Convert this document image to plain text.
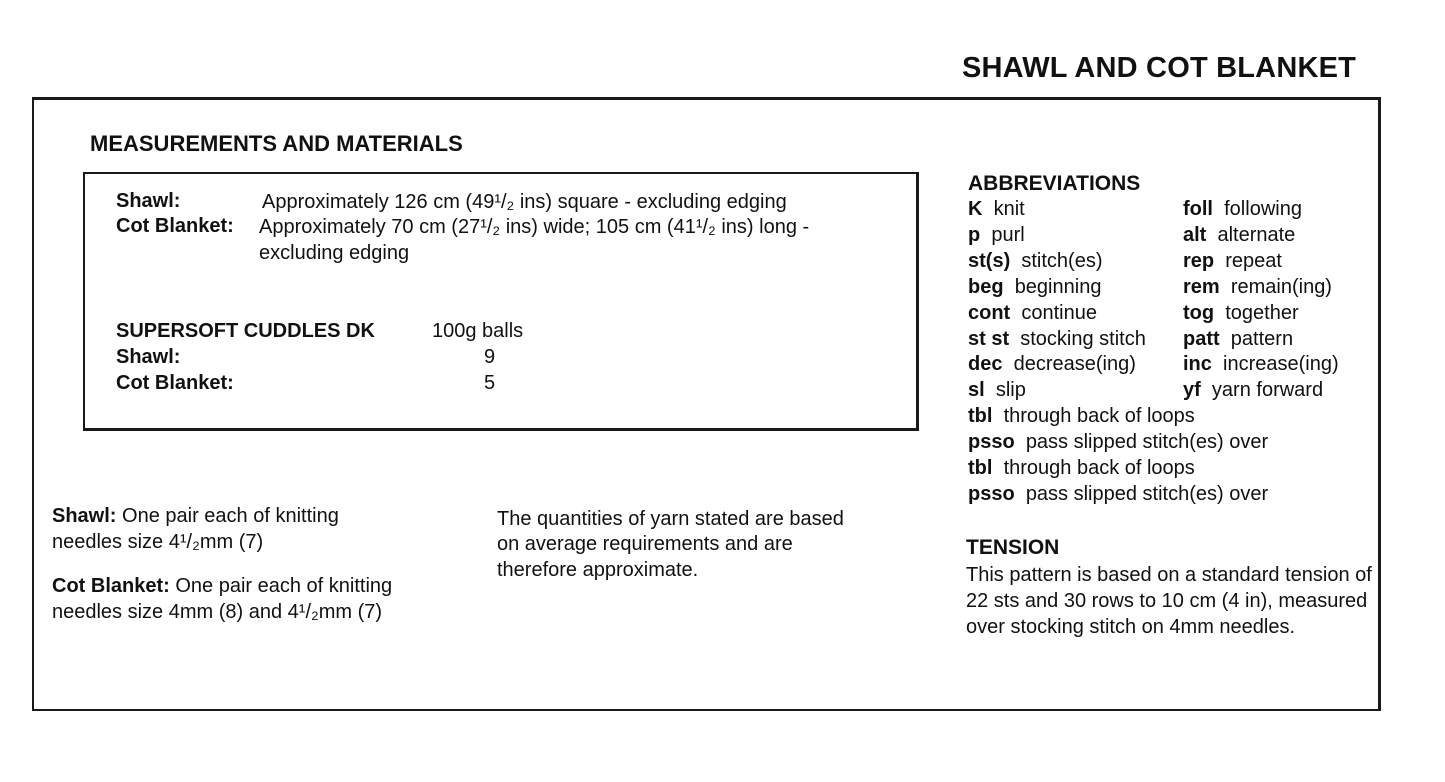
SHAWL AND COT BLANKET
MEASUREMENTS AND MATERIALS
Shawl:	Approximately 126 cm (49¹/₂ ins) square - excluding edging
Cot Blanket: Approximately 70 cm (27¹/₂ ins) wide; 105 cm (41¹/₂ ins) long -
excluding edging
SUPERSOFT CUDDLES DK	100g balls
Shawl:	9
Cot Blanket:	5
Shawl: One pair each of knitting
needles size 4¹/₂mm (7)
Cot Blanket: One pair each of knitting
needles size 4mm (8) and 4¹/₂mm (7)
The quantities of yarn stated are based
on average requirements and are
therefore approximate.
ABBREVIATIONS
K knit
p purl
st(s) stitch(es)
beg beginning
cont continue
st st stocking stitch
dec decrease(ing)
sl slip
tbl through back of loops
psso pass slipped stitch(es) over
tbl through back of loops
psso pass slipped stitch(es) over
foll following
alt alternate
rep repeat
rem remain(ing)
tog together
patt pattern
inc increase(ing)
yf yarn forward
TENSION
This pattern is based on a standard tension of 22 sts and 30 rows to 10 cm (4 in), measured over stocking stitch on 4mm needles.
